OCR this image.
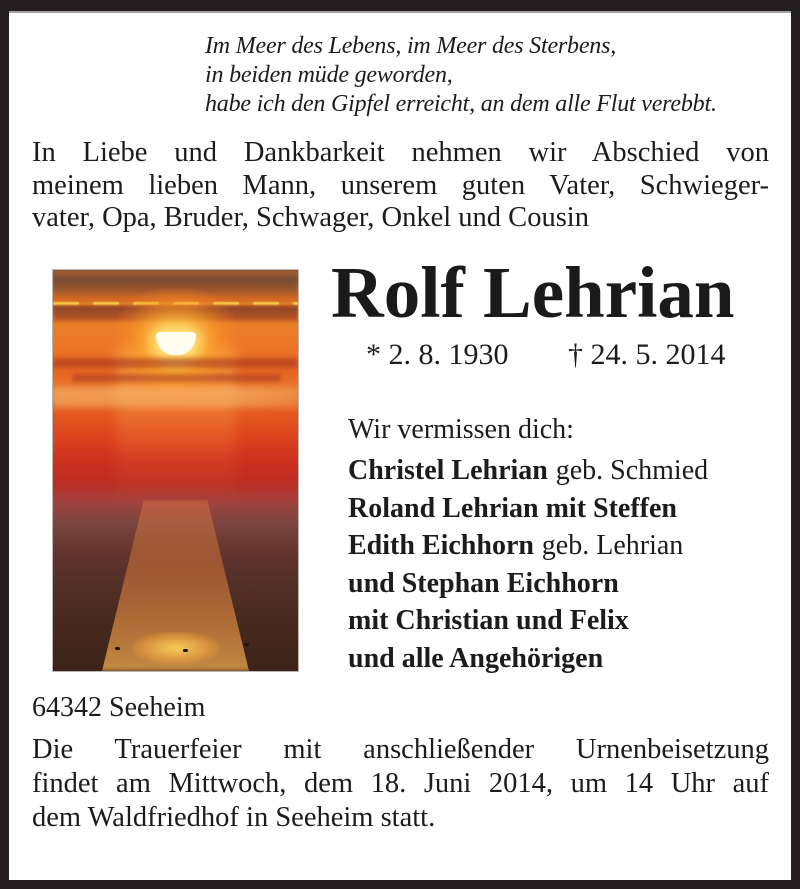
Im Meer des Lebens, im Meer des Sterbens,
in beiden müde geworden,
habe ich den Gipfel erreicht, an dem alle Flut verebbt.
In Liebe und Dankbarkeit nehmen wir Abschied von
meinem lieben Mann, unserem guten Vater, Schwieger-
vater, Opa, Bruder, Schwager, Onkel und Cousin
Rolf Lehrian
* 2. 8. 1930 † 24. 5. 2014
Wir vermissen dich:
Christel Lehrian geb. Schmied
Roland Lehrian mit Steffen
Edith Eichhorn geb. Lehrian
und Stephan Eichhorn
mit Christian und Felix
und alle Angehörigen
64342 Seeheim
Die Trauerfeier mit anschließender Urnenbeisetzung
findet am Mittwoch, dem 18. Juni 2014, um 14 Uhr auf
dem Waldfriedhof in Seeheim statt.
